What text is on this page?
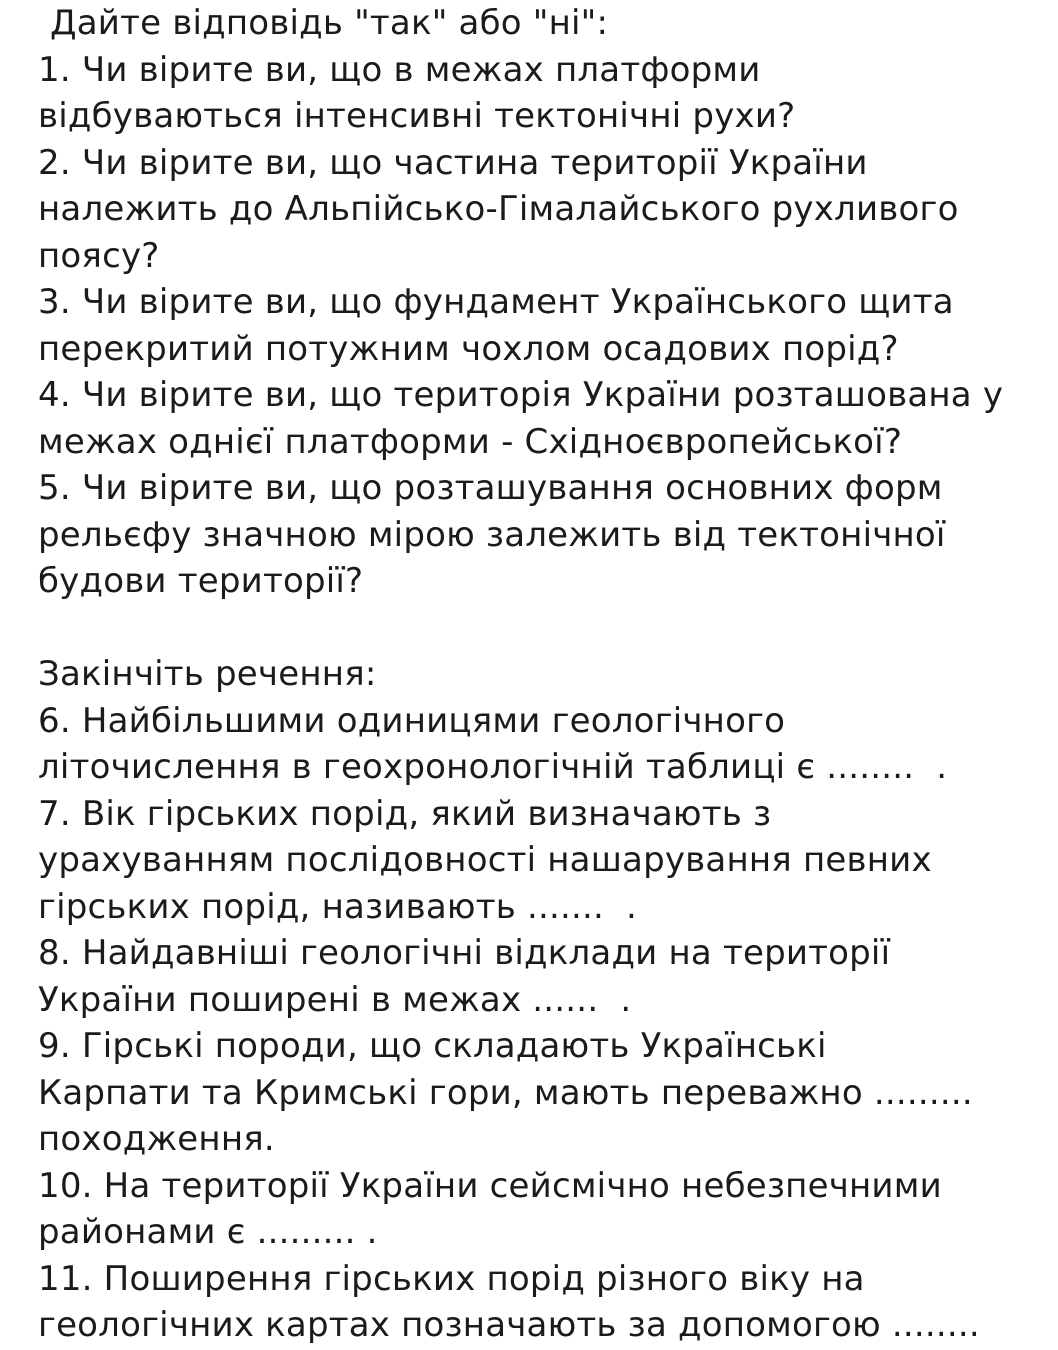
Дайте відповідь "так" або "ні":
1. Чи вірите ви, що в межах платформи
відбуваються інтенсивні тектонічні рухи?
2. Чи вірите ви, що частина території України
належить до Альпійсько-Гімалайського рухливого
поясу?
3. Чи вірите ви, що фундамент Українського щита
перекритий потужним чохлом осадових порід?
4. Чи вірите ви, що територія України розташована у
межах однієї платформи - Східноєвропейської?
5. Чи вірите ви, що розташування основних форм
рельєфу значною мірою залежить від тектонічної
будови території?
Закінчіть речення:
6. Найбільшими одиницями геологічного
літочислення в геохронологічній таблиці є ........  .
7. Вік гірських порід, який визначають з
урахуванням послідовності нашарування певних
гірських порід, називають .......  .
8. Найдавніші геологічні відклади на території
України поширені в межах ......  .
9. Гірські породи, що складають Українські
Карпати та Кримські гори, мають переважно .........
походження.
10. На території України сейсмічно небезпечними
районами є ......... .
11. Поширення гірських порід різного віку на
геологічних картах позначають за допомогою ........
